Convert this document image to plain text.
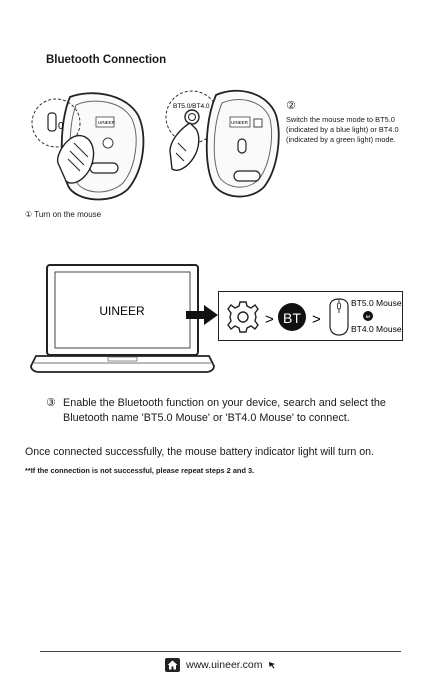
Bluetooth Connection
UINEER
0
BT5.0/BT4.0
UINEER
① Turn on the mouse
②
Switch the mouse mode to BT5.0 (indicated by a blue light) or BT4.0 (indicated by a green light) mode.
UINEER	> BT >
BT5.0 Mouse
or
BT4.0 Mouse
③ Enable the Bluetooth function on your device, search and select the
Bluetooth name 'BT5.0 Mouse' or 'BT4.0 Mouse' to connect.
Once connected successfully, the mouse battery indicator light will turn on.
**If the connection is not successful, please repeat steps 2 and 3.
www.uineer.com
